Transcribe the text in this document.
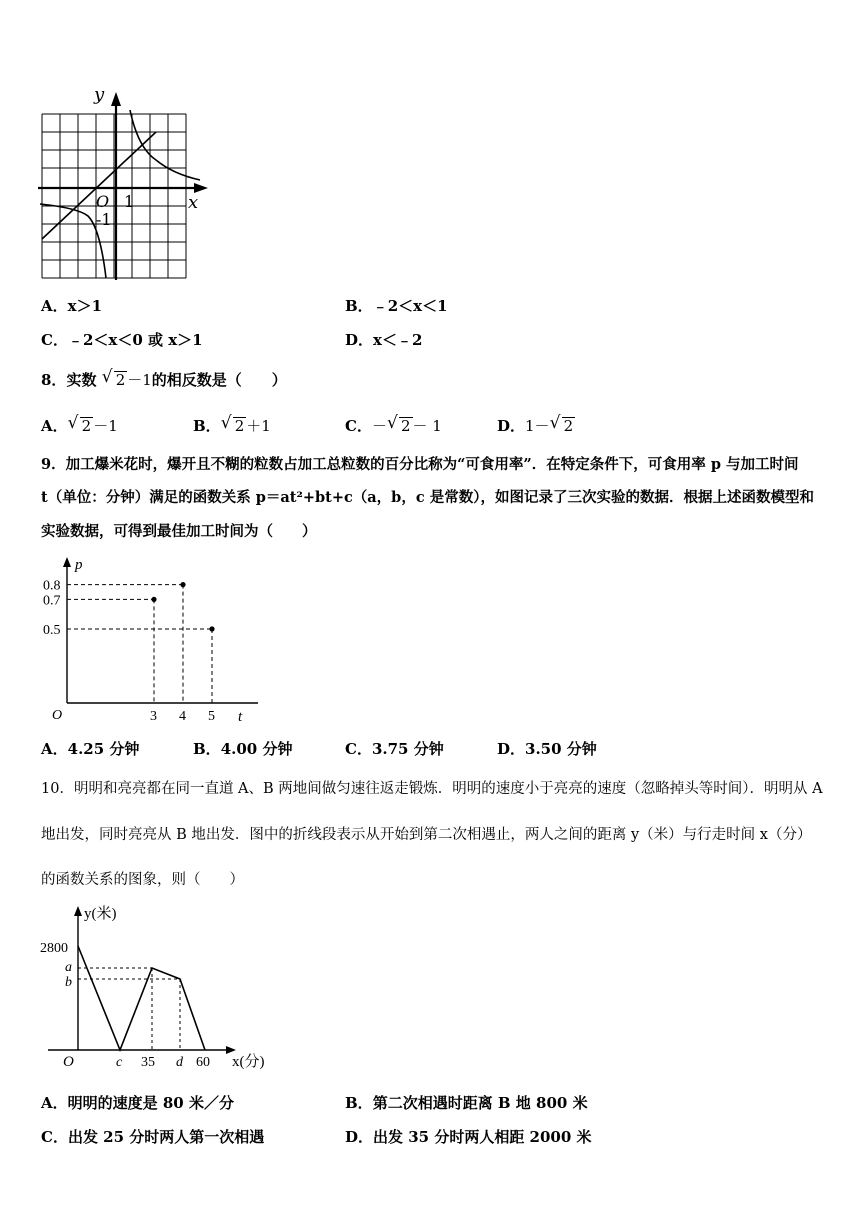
y
x
O 1
-1
A．x＞1	B．﹣2＜x＜1
C．﹣2＜x＜0 或 x＞1	D．x＜﹣2
8．实数 √ 2 －1的相反数是（　　）
A． √ 2 －1	B． √ 2 ＋1	C．－ √ 2 － 1	D．1－ √ 2
9．加工爆米花时，爆开且不糊的粒数占加工总粒数的百分比称为“可食用率”．在特定条件下，可食用率 p 与加工时间
t（单位：分钟）满足的函数关系 p＝at²+bt+c（a，b，c 是常数），如图记录了三次实验的数据．根据上述函数模型和
实验数据，可得到最佳加工时间为（　　）
p
t
O	3 4 5
0.8
0.7
0.5
A．4.25 分钟	B．4.00 分钟	C．3.75 分钟	D．3.50 分钟
10．明明和亮亮都在同一直道 A、B 两地间做匀速往返走锻炼．明明的速度小于亮亮的速度（忽略掉头等时间）．明明从 A
地出发，同时亮亮从 B 地出发．图中的折线段表示从开始到第二次相遇止，两人之间的距离 y（米）与行走时间 x（分）
的函数关系的图象，则（　　）
y(米)
x(分)
O
2800
a
b
c 35 d 60
A．明明的速度是 80 米／分	B．第二次相遇时距离 B 地 800 米
C．出发 25 分时两人第一次相遇	D．出发 35 分时两人相距 2000 米
